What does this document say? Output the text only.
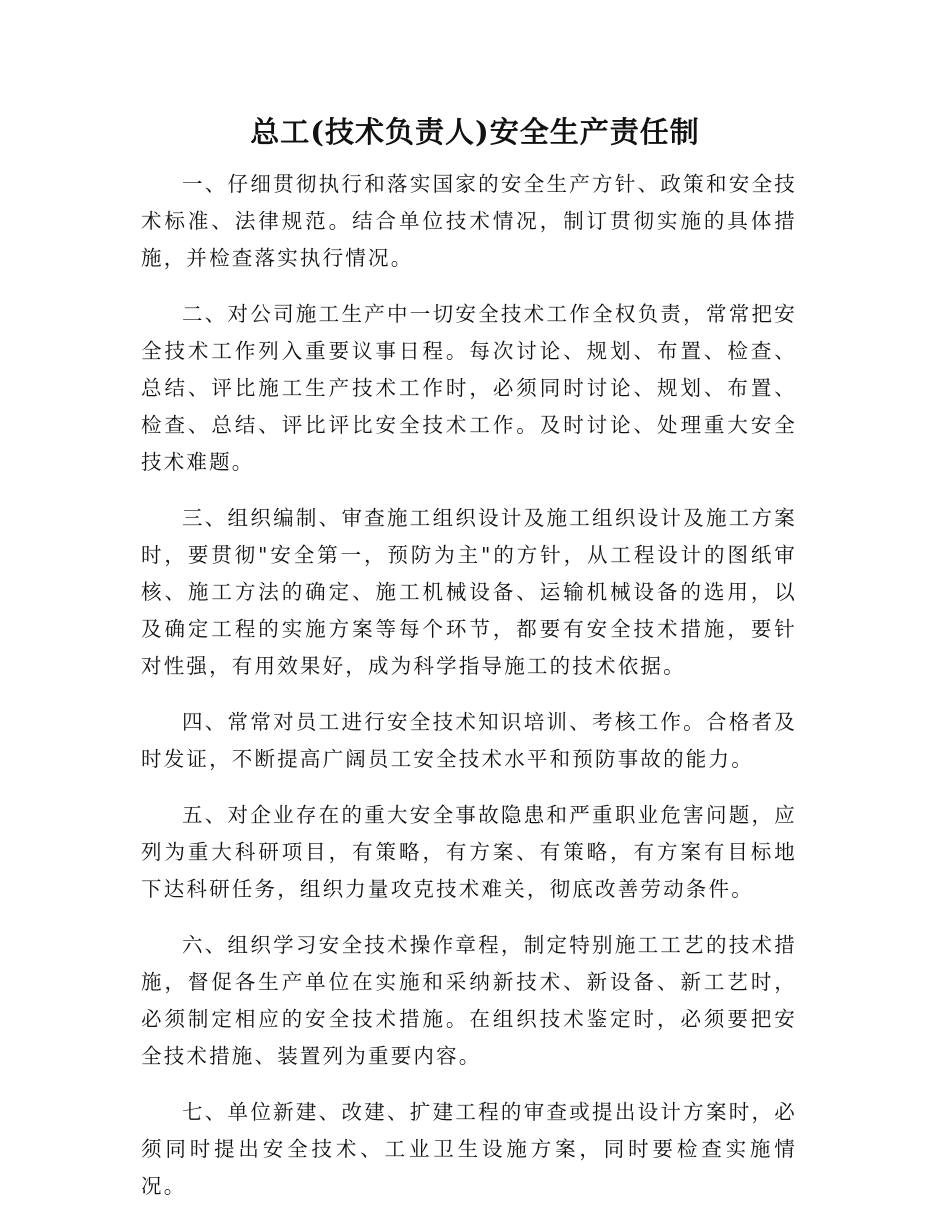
总工(技术负责人)安全生产责任制

一、仔细贯彻执行和落实国家的安全生产方针、政策和安全技术标准、法律规范。结合单位技术情况，制订贯彻实施的具体措施，并检查落实执行情况。

二、对公司施工生产中一切安全技术工作全权负责，常常把安全技术工作列入重要议事日程。每次讨论、规划、布置、检查、总结、评比施工生产技术工作时，必须同时讨论、规划、布置、检查、总结、评比评比安全技术工作。及时讨论、处理重大安全技术难题。

三、组织编制、审查施工组织设计及施工组织设计及施工方案时，要贯彻"安全第一，预防为主"的方针，从工程设计的图纸审核、施工方法的确定、施工机械设备、运输机械设备的选用，以及确定工程的实施方案等每个环节，都要有安全技术措施，要针对性强，有用效果好，成为科学指导施工的技术依据。

四、常常对员工进行安全技术知识培训、考核工作。合格者及时发证，不断提高广阔员工安全技术水平和预防事故的能力。

五、对企业存在的重大安全事故隐患和严重职业危害问题，应列为重大科研项目，有策略，有方案、有策略，有方案有目标地下达科研任务，组织力量攻克技术难关，彻底改善劳动条件。

六、组织学习安全技术操作章程，制定特别施工工艺的技术措施，督促各生产单位在实施和采纳新技术、新设备、新工艺时，必须制定相应的安全技术措施。在组织技术鉴定时，必须要把安全技术措施、装置列为重要内容。

七、单位新建、改建、扩建工程的审查或提出设计方案时，必须同时提出安全技术、工业卫生设施方案，同时要检查实施情况。
